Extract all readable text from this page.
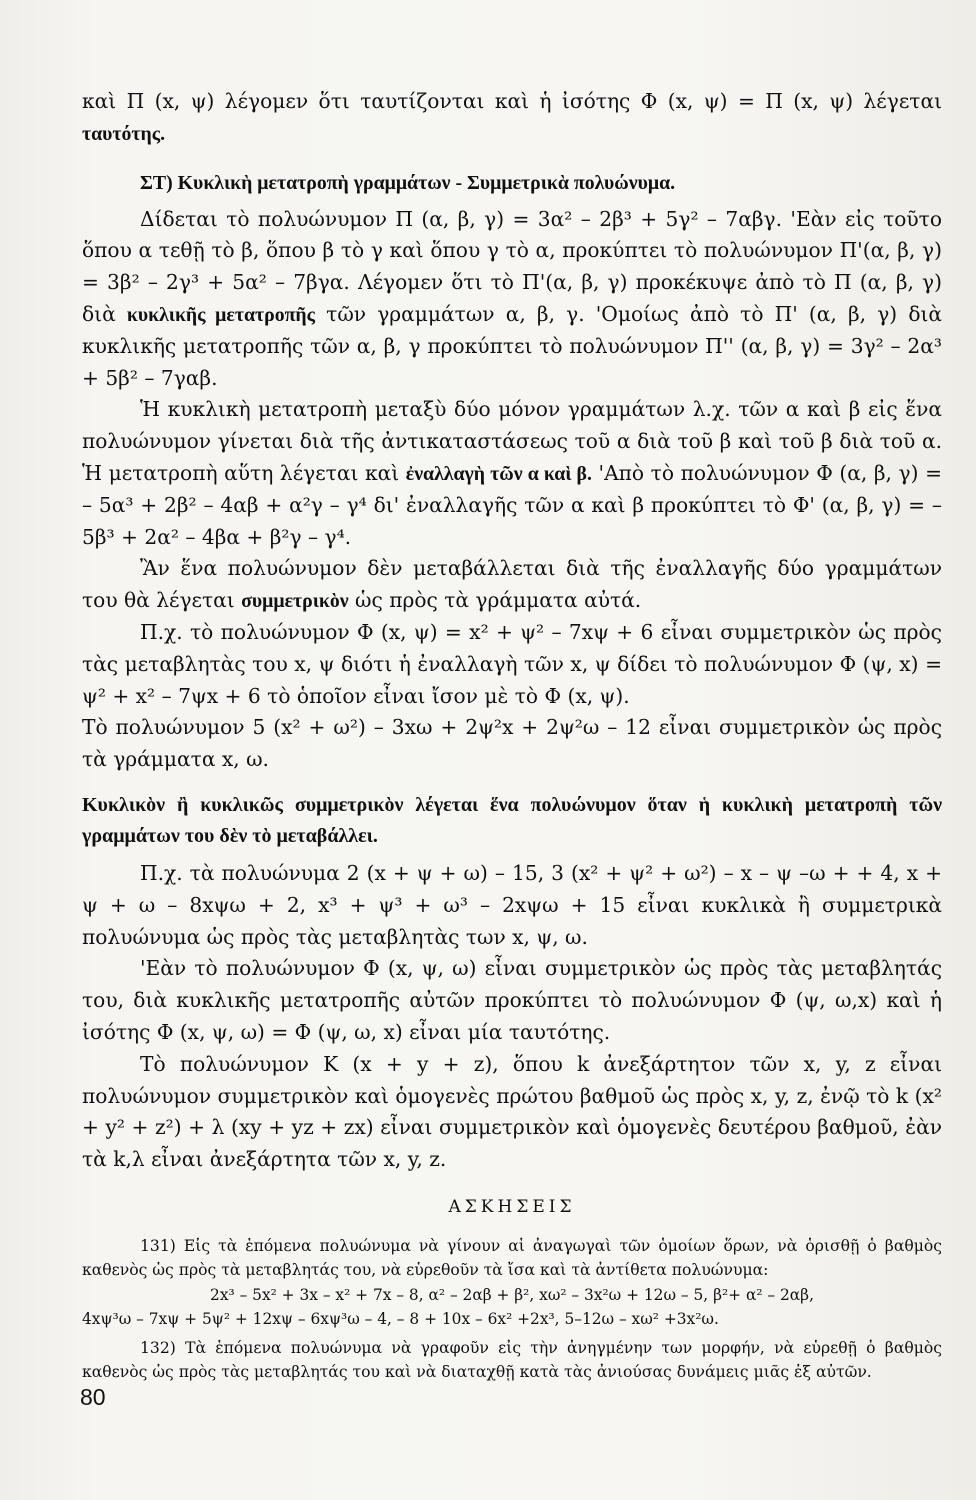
καὶ Π (x, ψ) λέγομεν ὅτι ταυτίζονται καὶ ἡ ἰσότης Φ (x, ψ) = Π (x, ψ) λέγεται ταυτότης.

ΣΤ) Κυκλικὴ μετατροπὴ γραμμάτων - Συμμετρικὰ πολυώνυμα.

Δίδεται τὸ πολυώνυμον Π (α, β, γ) = 3α² – 2β³ + 5γ² – 7αβγ. 'Εὰν εἰς τοῦτο ὅπου α τεθῇ τὸ β, ὅπου β τὸ γ καὶ ὅπου γ τὸ α, προκύπτει τὸ πολυώνυμον Π'(α, β, γ) = 3β² – 2γ³ + 5α² – 7βγα. Λέγομεν ὅτι τὸ Π'(α, β, γ) προκέκυψε ἀπὸ τὸ Π (α, β, γ) διὰ κυκλικῆς μετατροπῆς τῶν γραμμάτων α, β, γ. 'Ομοίως ἀπὸ τὸ Π' (α, β, γ) διὰ κυκλικῆς μετατροπῆς τῶν α, β, γ προκύπτει τὸ πολυώνυμον Π'' (α, β, γ) = 3γ² – 2α³ + 5β² – 7γαβ.

Ἡ κυκλικὴ μετατροπὴ μεταξὺ δύο μόνον γραμμάτων λ.χ. τῶν α καὶ β εἰς ἕνα πολυώνυμον γίνεται διὰ τῆς ἀντικαταστάσεως τοῦ α διὰ τοῦ β καὶ τοῦ β διὰ τοῦ α. Ἡ μετατροπὴ αὕτη λέγεται καὶ ἐναλλαγὴ τῶν α καὶ β. 'Απὸ τὸ πολυώνυμον Φ (α, β, γ) = – 5α³ + 2β² – 4αβ + α²γ – γ⁴ δι' ἐναλλαγῆς τῶν α καὶ β προκύπτει τὸ Φ' (α, β, γ) = – 5β³ + 2α² – 4βα + β²γ – γ⁴.

Ἂν ἕνα πολυώνυμον δὲν μεταβάλλεται διὰ τῆς ἐναλλαγῆς δύο γραμμάτων του θὰ λέγεται συμμετρικὸν ὡς πρὸς τὰ γράμματα αὐτά.

Π.χ. τὸ πολυώνυμον Φ (x, ψ) = x² + ψ² – 7xψ + 6 εἶναι συμμετρικὸν ὡς πρὸς τὰς μεταβλητὰς του x, ψ διότι ἡ ἐναλλαγὴ τῶν x, ψ δίδει τὸ πολυώνυμον Φ (ψ, x) = ψ² + x² – 7ψx + 6 τὸ ὁποῖον εἶναι ἴσον μὲ τὸ Φ (x, ψ).

Τὸ πολυώνυμον 5 (x² + ω²) – 3xω + 2ψ²x + 2ψ²ω – 12 εἶναι συμμετρικὸν ὡς πρὸς τὰ γράμματα x, ω.

Κυκλικὸν ἢ κυκλικῶς συμμετρικὸν λέγεται ἕνα πολυώνυμον ὅταν ἡ κυκλικὴ μετατροπὴ τῶν γραμμάτων του δὲν τὸ μεταβάλλει.

Π.χ. τὰ πολυώνυμα 2 (x + ψ + ω) – 15, 3 (x² + ψ² + ω²) – x – ψ –ω + + 4, x + ψ + ω – 8xψω + 2, x³ + ψ³ + ω³ – 2xψω + 15 εἶναι κυκλικὰ ἢ συμμετρικὰ πολυώνυμα ὡς πρὸς τὰς μεταβλητὰς των x, ψ, ω.

'Εὰν τὸ πολυώνυμον Φ (x, ψ, ω) εἶναι συμμετρικὸν ὡς πρὸς τὰς μεταβλητάς του, διὰ κυκλικῆς μετατροπῆς αὐτῶν προκύπτει τὸ πολυώνυμον Φ (ψ, ω,x) καὶ ἡ ἰσότης Φ (x, ψ, ω) = Φ (ψ, ω, x) εἶναι μία ταυτότης.

Τὸ πολυώνυμον K (x + y + z), ὅπου k ἀνεξάρτητον τῶν x, y, z εἶναι πολυώνυμον συμμετρικὸν καὶ ὁμογενὲς πρώτου βαθμοῦ ὡς πρὸς x, y, z, ἐνῷ τὸ k (x² + y² + z²) + λ (xy + yz + zx) εἶναι συμμετρικὸν καὶ ὁμογενὲς δευτέρου βαθμοῦ, ἐὰν τὰ k,λ εἶναι ἀνεξάρτητα τῶν x, y, z.

ΑΣΚΗΣΕΙΣ

131) Εἰς τὰ ἑπόμενα πολυώνυμα νὰ γίνουν αἱ ἀναγωγαὶ τῶν ὁμοίων ὅρων, νὰ ὁρισθῇ ὁ βαθμὸς καθενὸς ὡς πρὸς τὰ μεταβλητάς του, νὰ εὑρεθοῦν τὰ ἴσα καὶ τὰ ἀντίθετα πολυώνυμα:

2x³ – 5x² + 3x – x² + 7x – 8, α² – 2αβ + β², xω² – 3x²ω + 12ω – 5, β²+ α² – 2αβ,

4xψ³ω – 7xψ + 5ψ² + 12xψ – 6xψ³ω – 4, – 8 + 10x – 6x² +2x³, 5–12ω – xω² +3x²ω.

132) Τὰ ἑπόμενα πολυώνυμα νὰ γραφοῦν εἰς τὴν ἀνηγμένην των μορφήν, νὰ εὑρεθῇ ὁ βαθμὸς καθενὸς ὡς πρὸς τὰς μεταβλητάς του καὶ νὰ διαταχθῇ κατὰ τὰς ἀνιούσας δυνάμεις μιᾶς ἐξ αὐτῶν.

80
